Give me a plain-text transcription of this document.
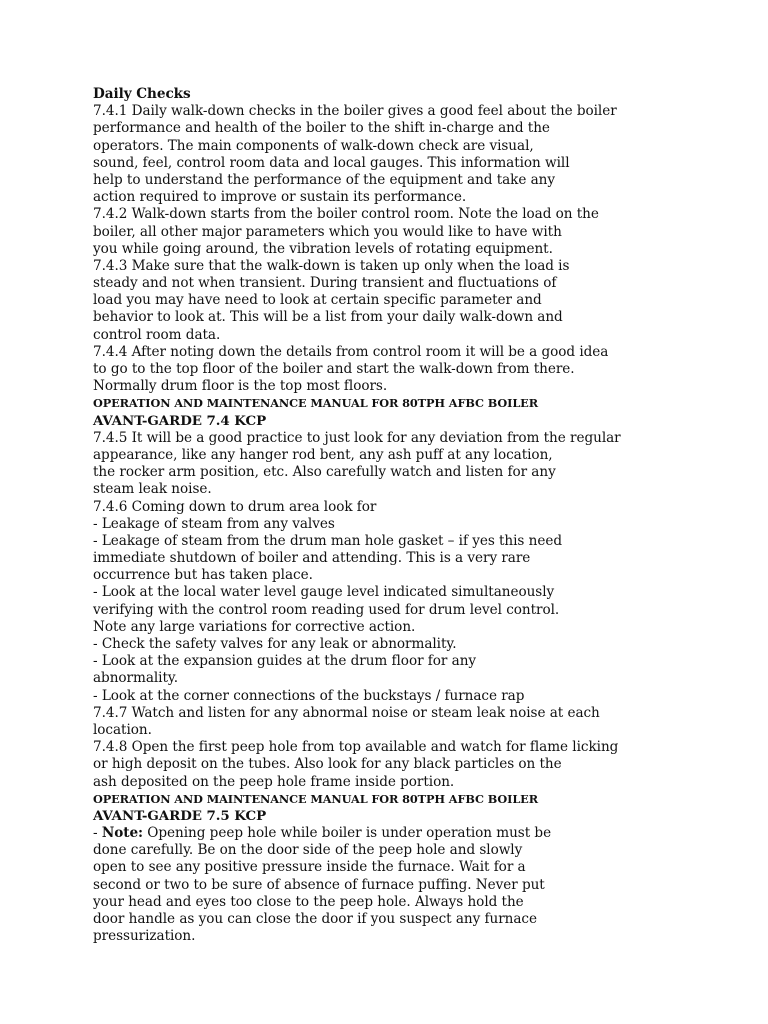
Daily Checks
7.4.1 Daily walk-down checks in the boiler gives a good feel about the boiler
performance and health of the boiler to the shift in-charge and the
operators. The main components of walk-down check are visual,
sound, feel, control room data and local gauges. This information will
help to understand the performance of the equipment and take any
action required to improve or sustain its performance.
7.4.2 Walk-down starts from the boiler control room. Note the load on the
boiler, all other major parameters which you would like to have with
you while going around, the vibration levels of rotating equipment.
7.4.3 Make sure that the walk-down is taken up only when the load is
steady and not when transient. During transient and fluctuations of
load you may have need to look at certain specific parameter and
behavior to look at. This will be a list from your daily walk-down and
control room data.
7.4.4 After noting down the details from control room it will be a good idea
to go to the top floor of the boiler and start the walk-down from there.
Normally drum floor is the top most floors.
OPERATION AND MAINTENANCE MANUAL FOR 80TPH AFBC BOILER
AVANT-GARDE 7.4 KCP
7.4.5 It will be a good practice to just look for any deviation from the regular
appearance, like any hanger rod bent, any ash puff at any location,
the rocker arm position, etc. Also carefully watch and listen for any
steam leak noise.
7.4.6 Coming down to drum area look for
- Leakage of steam from any valves
- Leakage of steam from the drum man hole gasket – if yes this need
immediate shutdown of boiler and attending. This is a very rare
occurrence but has taken place.
- Look at the local water level gauge level indicated simultaneously
verifying with the control room reading used for drum level control.
Note any large variations for corrective action.
- Check the safety valves for any leak or abnormality.
- Look at the expansion guides at the drum floor for any
abnormality.
- Look at the corner connections of the buckstays / furnace rap
7.4.7 Watch and listen for any abnormal noise or steam leak noise at each
location.
7.4.8 Open the first peep hole from top available and watch for flame licking
or high deposit on the tubes. Also look for any black particles on the
ash deposited on the peep hole frame inside portion.
OPERATION AND MAINTENANCE MANUAL FOR 80TPH AFBC BOILER
AVANT-GARDE 7.5 KCP
- Note: Opening peep hole while boiler is under operation must be
done carefully. Be on the door side of the peep hole and slowly
open to see any positive pressure inside the furnace. Wait for a
second or two to be sure of absence of furnace puffing. Never put
your head and eyes too close to the peep hole. Always hold the
door handle as you can close the door if you suspect any furnace
pressurization.
